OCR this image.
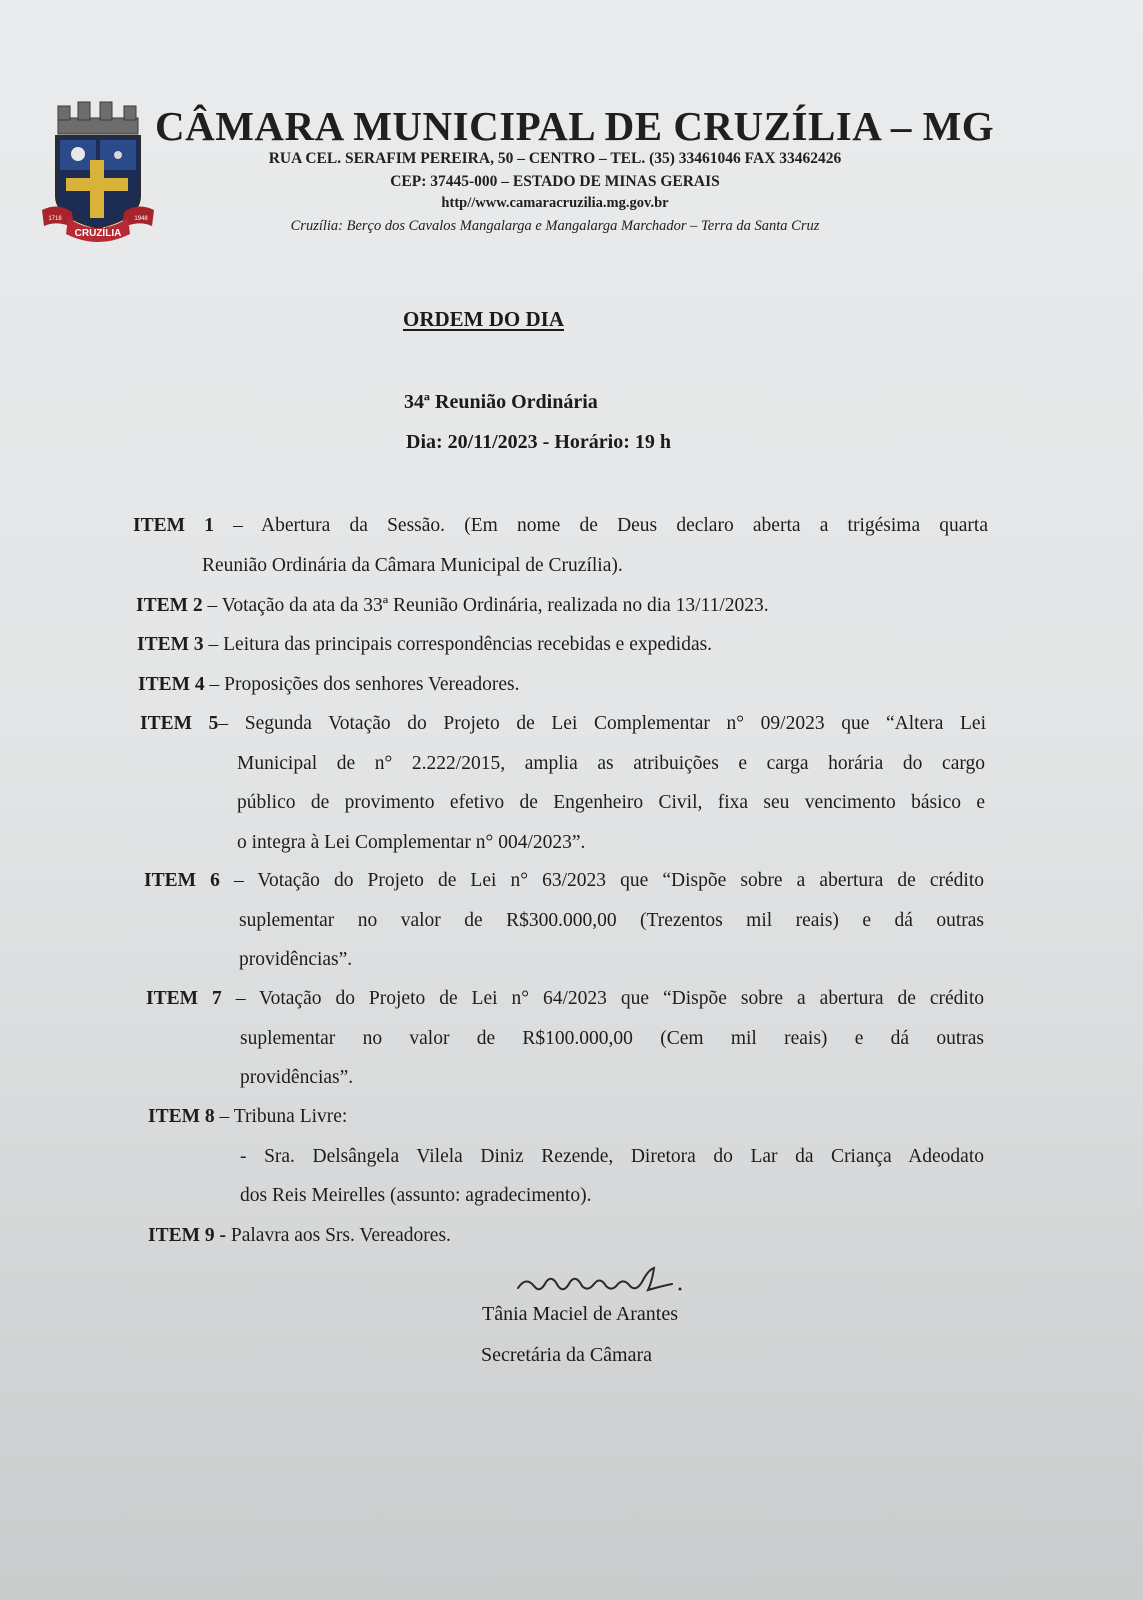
CRUZÍLIA
1718	1948
CÂMARA MUNICIPAL DE CRUZÍLIA – MG
RUA CEL. SERAFIM PEREIRA, 50 – CENTRO – TEL. (35) 33461046 FAX 33462426
CEP: 37445-000 – ESTADO DE MINAS GERAIS
http//www.camaracruzilia.mg.gov.br
Cruzília: Berço dos Cavalos Mangalarga e Mangalarga Marchador – Terra da Santa Cruz
ORDEM DO DIA
34ª Reunião Ordinária
Dia: 20/11/2023 - Horário: 19 h
ITEM 1 – Abertura da Sessão. (Em nome de Deus declaro aberta a trigésima quarta
Reunião Ordinária da Câmara Municipal de Cruzília).
ITEM 2 – Votação da ata da 33ª Reunião Ordinária, realizada no dia 13/11/2023.
ITEM 3 – Leitura das principais correspondências recebidas e expedidas.
ITEM 4 – Proposições dos senhores Vereadores.
ITEM 5– Segunda Votação do Projeto de Lei Complementar n° 09/2023 que “Altera Lei
Municipal de n° 2.222/2015, amplia as atribuições e carga horária do cargo
público de provimento efetivo de Engenheiro Civil, fixa seu vencimento básico e
o integra à Lei Complementar n° 004/2023”.
ITEM 6 – Votação do Projeto de Lei n° 63/2023 que “Dispõe sobre a abertura de crédito
suplementar no valor de R$300.000,00 (Trezentos mil reais) e dá outras
providências”.
ITEM 7 – Votação do Projeto de Lei n° 64/2023 que “Dispõe sobre a abertura de crédito
suplementar no valor de R$100.000,00 (Cem mil reais) e dá outras
providências”.
ITEM 8 – Tribuna Livre:
- Sra. Delsângela Vilela Diniz Rezende, Diretora do Lar da Criança Adeodato
dos Reis Meirelles (assunto: agradecimento).
ITEM 9 - Palavra aos Srs. Vereadores.
Tânia Maciel de Arantes
Secretária da Câmara
